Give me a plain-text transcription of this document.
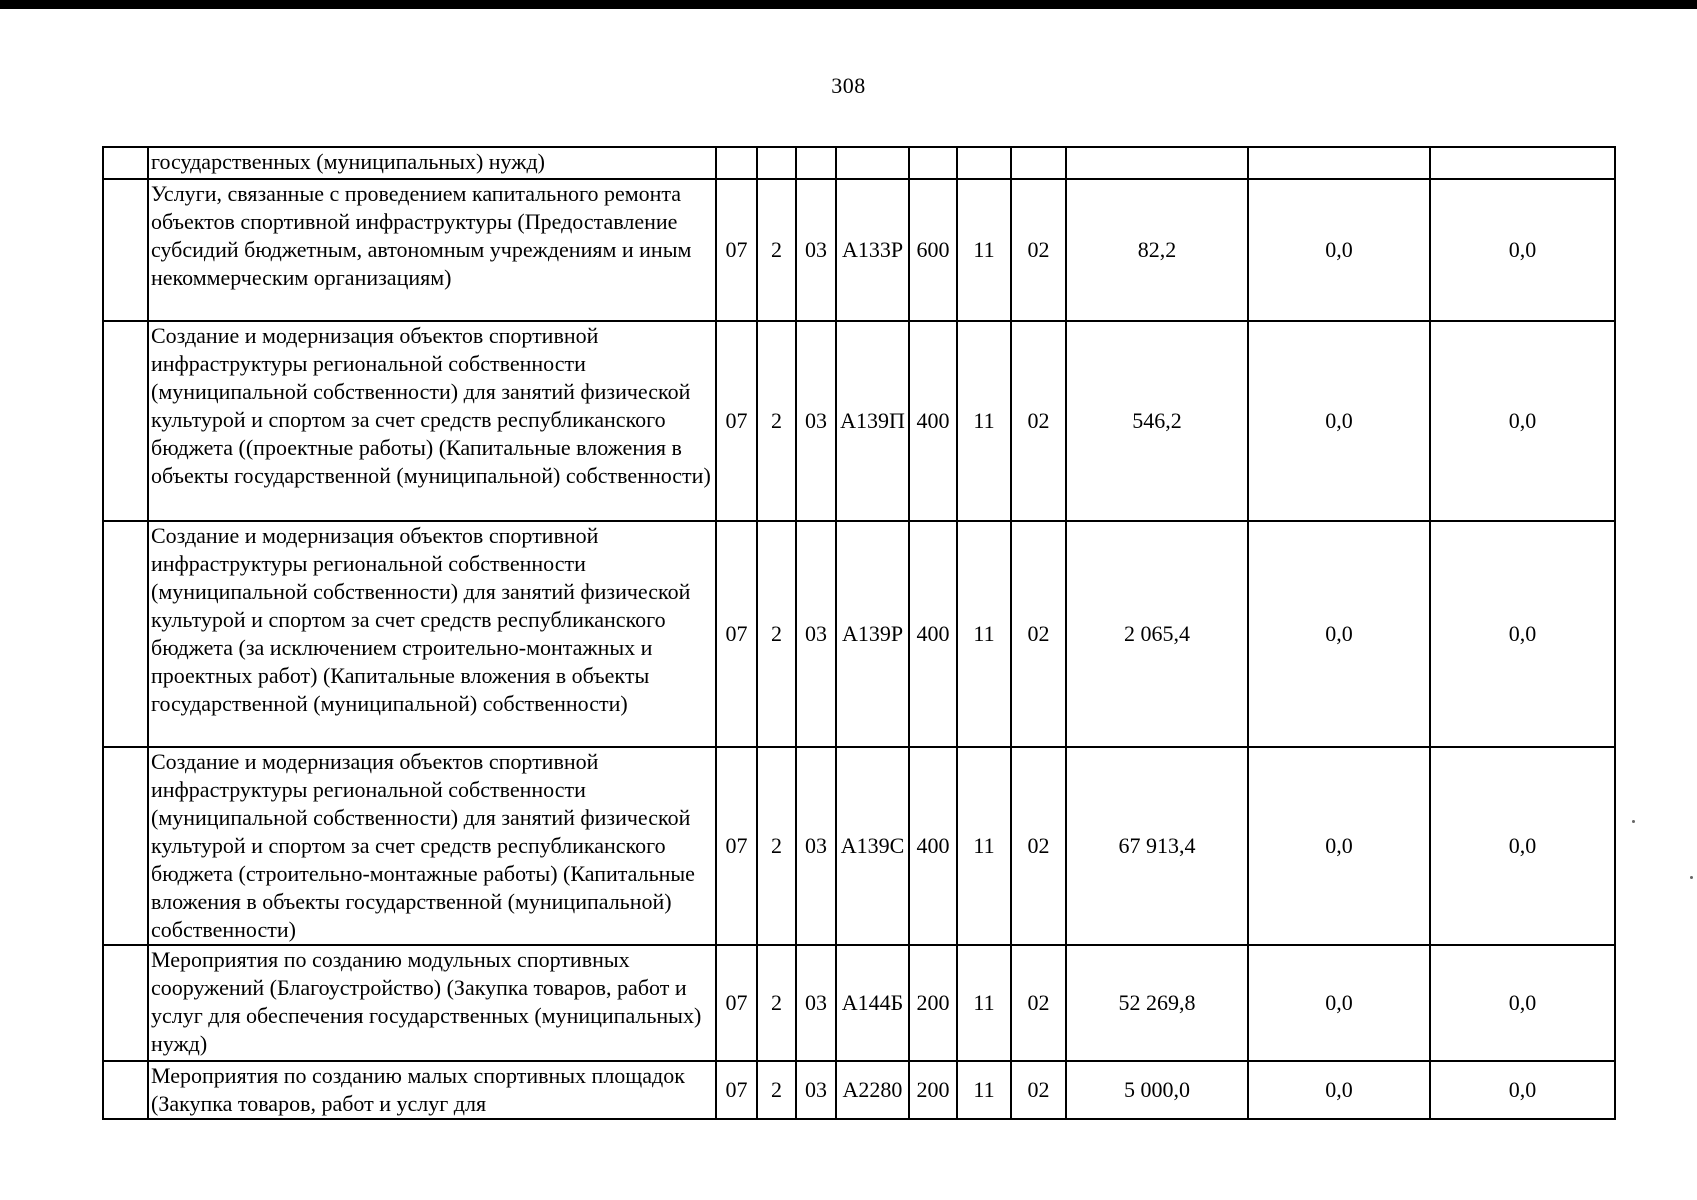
308
	государственных (муниципальных) нужд)										
	Услуги, связанные с проведением капитального ремонта объектов спортивной инфраструктуры (Предоставление субсидий бюджетным, автономным учреждениям и иным некоммерческим организациям)	07	2	03	А133Р	600	11	02	82,2	0,0	0,0
	Создание и модернизация объектов спортивной инфраструктуры региональной собственности (муниципальной собственности) для занятий физической культурой и спортом за счет средств республиканского бюджета ((проектные работы) (Капитальные вложения в объекты государственной (муниципальной) собственности)	07	2	03	А139П	400	11	02	546,2	0,0	0,0
	Создание и модернизация объектов спортивной инфраструктуры региональной собственности (муниципальной собственности) для занятий физической культурой и спортом за счет средств республиканского бюджета (за исключением строительно-монтажных и проектных работ) (Капитальные вложения в объекты государственной (муниципальной) собственности)	07	2	03	А139Р	400	11	02	2 065,4	0,0	0,0
	Создание и модернизация объектов спортивной инфраструктуры региональной собственности (муниципальной собственности) для занятий физической культурой и спортом за счет средств республиканского бюджета (строительно-монтажные работы) (Капитальные вложения в объекты государственной (муниципальной) собственности)	07	2	03	А139С	400	11	02	67 913,4	0,0	0,0
	Мероприятия по созданию модульных спортивных сооружений (Благоустройство) (Закупка товаров, работ и услуг для обеспечения государственных (муниципальных) нужд)	07	2	03	А144Б	200	11	02	52 269,8	0,0	0,0
	Мероприятия по созданию малых спортивных площадок (Закупка товаров, работ и услуг для	07	2	03	А2280	200	11	02	5 000,0	0,0	0,0
